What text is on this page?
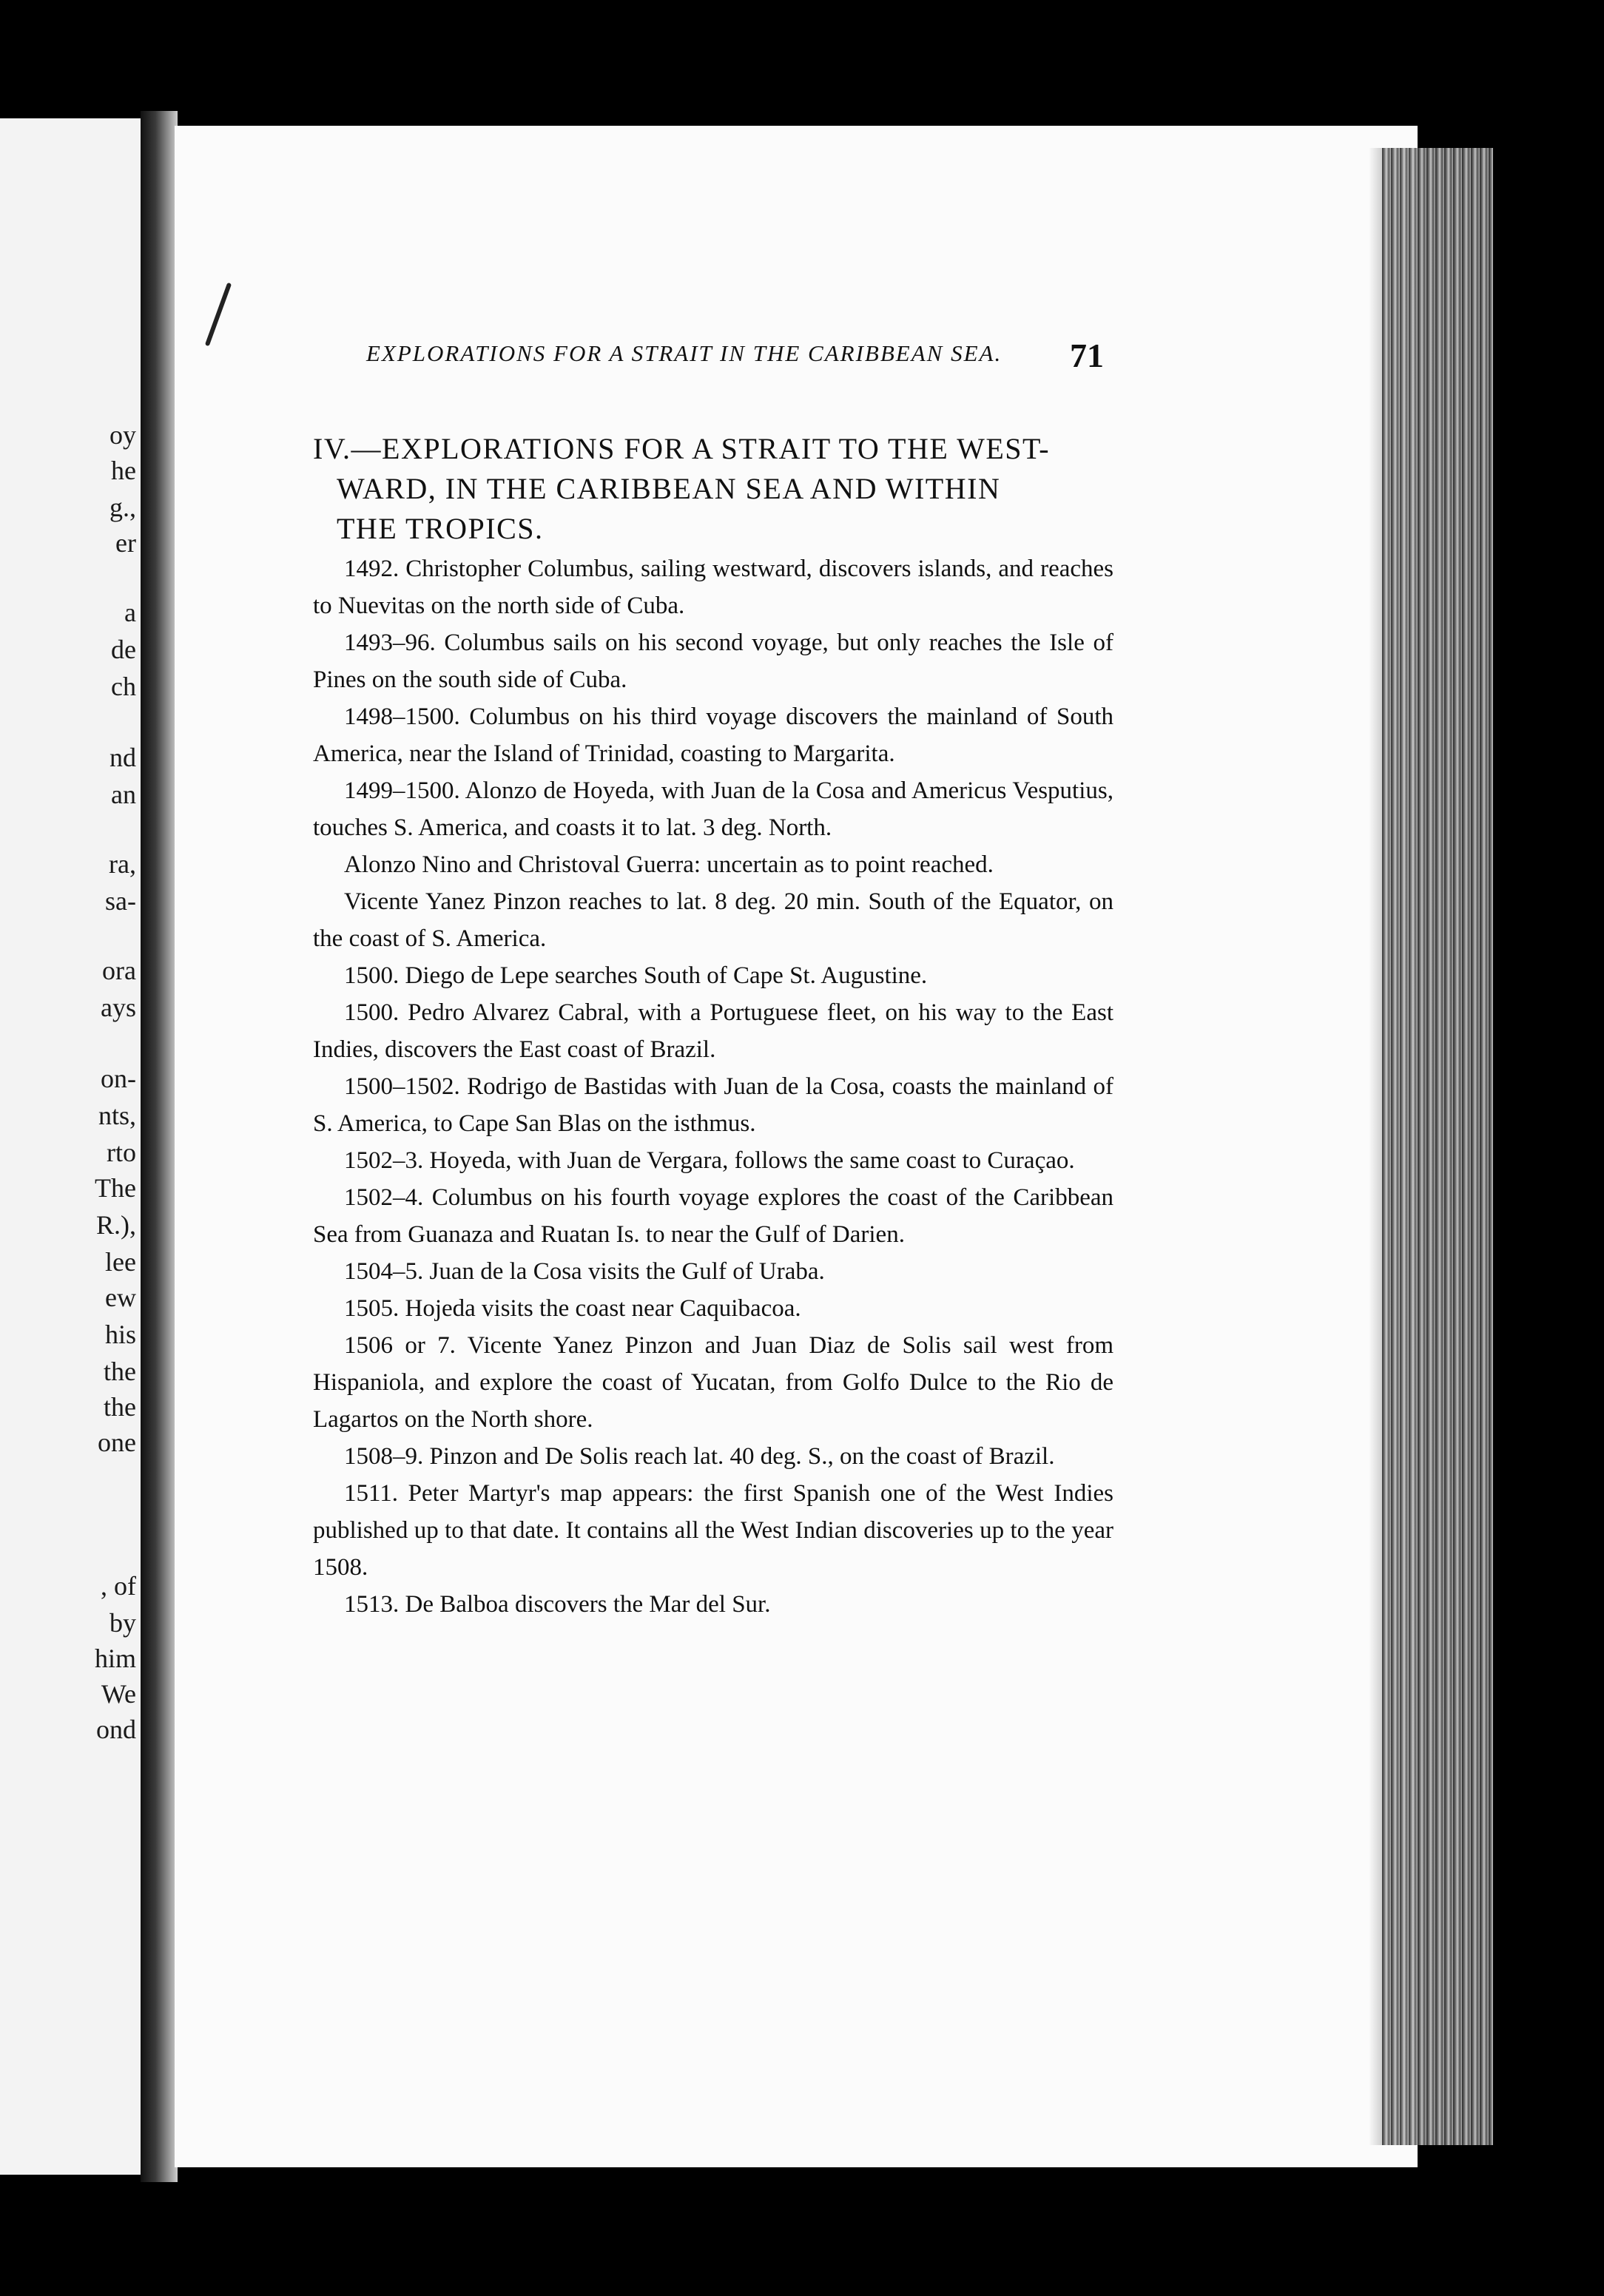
oy
he
g.,
er
a
de
ch
nd
an
ra,
sa-
ora
ays
on-
nts,
rto
The
R.),
lee
ew
his
the
the
one
, of
by
him
We
ond
EXPLORATIONS FOR A STRAIT IN THE CARIBBEAN SEA.	71
IV.—EXPLORATIONS FOR A STRAIT TO THE WEST-
WARD, IN THE CARIBBEAN SEA AND WITHIN
THE TROPICS.

1492. Christopher Columbus, sailing westward, discovers islands, and reaches to Nuevitas on the north side of Cuba.

1493–96. Columbus sails on his second voyage, but only reaches the Isle of Pines on the south side of Cuba.

1498–1500. Columbus on his third voyage discovers the mainland of South America, near the Island of Trinidad, coasting to Margarita.

1499–1500. Alonzo de Hoyeda, with Juan de la Cosa and Americus Vesputius, touches S. America, and coasts it to lat. 3 deg. North.

Alonzo Nino and Christoval Guerra: uncertain as to point reached.

Vicente Yanez Pinzon reaches to lat. 8 deg. 20 min. South of the Equator, on the coast of S. America.

1500. Diego de Lepe searches South of Cape St. Augustine.

1500. Pedro Alvarez Cabral, with a Portuguese fleet, on his way to the East Indies, discovers the East coast of Brazil.

1500–1502. Rodrigo de Bastidas with Juan de la Cosa, coasts the mainland of S. America, to Cape San Blas on the isthmus.

1502–3. Hoyeda, with Juan de Vergara, follows the same coast to Curaçao.

1502–4. Columbus on his fourth voyage explores the coast of the Caribbean Sea from Guanaza and Ruatan Is. to near the Gulf of Darien.

1504–5. Juan de la Cosa visits the Gulf of Uraba.

1505. Hojeda visits the coast near Caquibacoa.

1506 or 7. Vicente Yanez Pinzon and Juan Diaz de Solis sail west from Hispaniola, and explore the coast of Yucatan, from Golfo Dulce to the Rio de Lagartos on the North shore.

1508–9. Pinzon and De Solis reach lat. 40 deg. S., on the coast of Brazil.

1511. Peter Martyr's map appears: the first Spanish one of the West Indies published up to that date. It contains all the West Indian discoveries up to the year 1508.

1513. De Balboa discovers the Mar del Sur.
